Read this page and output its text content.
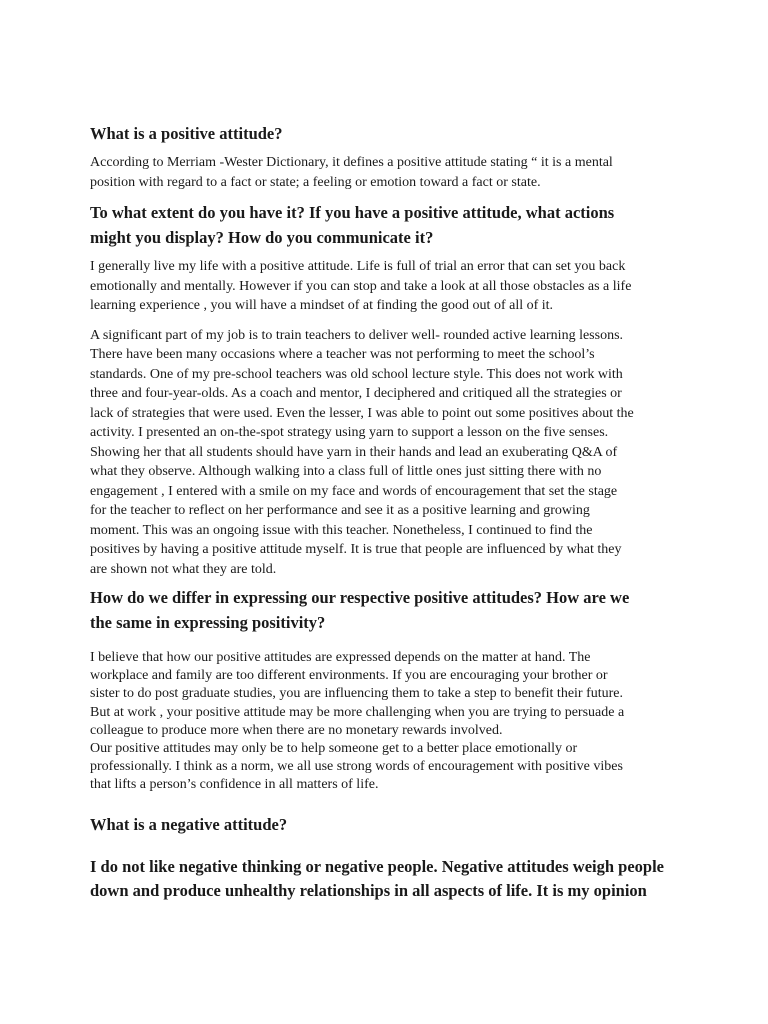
What is a positive attitude?

According to Merriam -Wester Dictionary, it defines a positive attitude stating “ it is a mental
position with regard to a fact or state; a feeling or emotion toward a fact or state.

To what extent do you have it? If you have a positive attitude, what actions
might you display? How do you communicate it?

I generally live my life with a positive attitude. Life is full of trial an error that can set you back
emotionally and mentally. However if you can stop and take a look at all those obstacles as a life
learning experience , you will have a mindset of at finding the good out of all of it.

A significant part of my job is to train teachers to deliver well- rounded active learning lessons.
There have been many occasions where a teacher was not performing to meet the school’s
standards. One of my pre-school teachers was old school lecture style. This does not work with
three and four-year-olds. As a coach and mentor, I deciphered and critiqued all the strategies or
lack of strategies that were used. Even the lesser, I was able to point out some positives about the
activity. I presented an on-the-spot strategy using yarn to support a lesson on the five senses.
Showing her that all students should have yarn in their hands and lead an exuberating Q&A of
what they observe. Although walking into a class full of little ones just sitting there with no
engagement , I entered with a smile on my face and words of encouragement that set the stage
for the teacher to reflect on her performance and see it as a positive learning and growing
moment. This was an ongoing issue with this teacher. Nonetheless, I continued to find the
positives by having a positive attitude myself. It is true that people are influenced by what they
are shown not what they are told.

How do we differ in expressing our respective positive attitudes? How are we
the same in expressing positivity?

I believe that how our positive attitudes are expressed depends on the matter at hand. The
workplace and family are too different environments. If you are encouraging your brother or
sister to do post graduate studies, you are influencing them to take a step to benefit their future.
But at work , your positive attitude may be more challenging when you are trying to persuade a
colleague to produce more when there are no monetary rewards involved.
Our positive attitudes may only be to help someone get to a better place emotionally or
professionally. I think as a norm, we all use strong words of encouragement with positive vibes
that lifts a person’s confidence in all matters of life.

What is a negative attitude?

I do not like negative thinking or negative people. Negative attitudes weigh people
down and produce unhealthy relationships in all aspects of life. It is my opinion
